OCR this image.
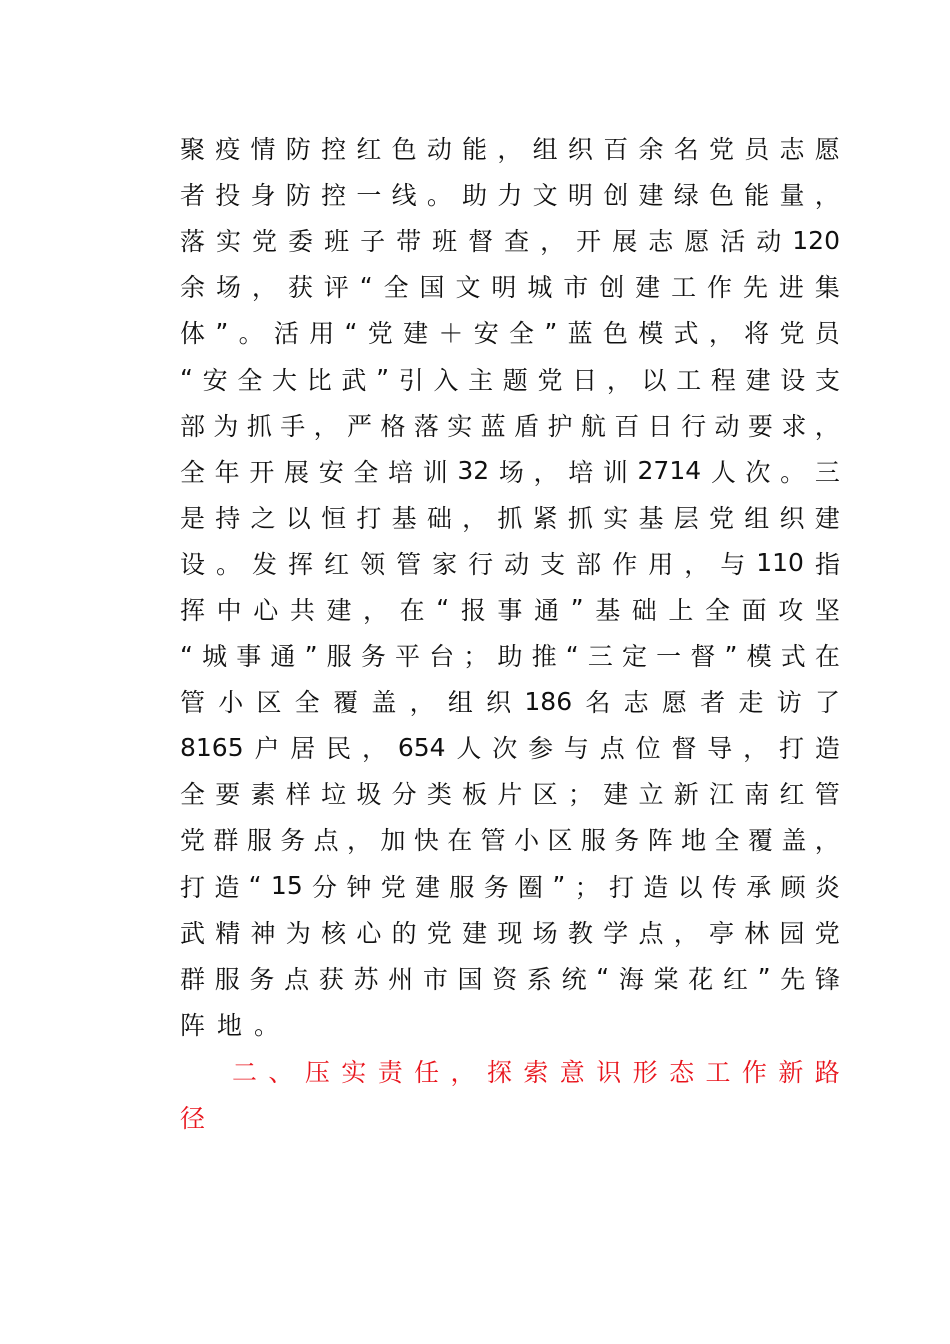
聚 疫 情 防 控 红 色 动 能 ， 组 织 百 余 名 党 员 志 愿
者 投 身 防 控 一 线 。 助 力 文 明 创 建 绿 色 能 量 ，
落 实 党 委 班 子 带 班 督 查 ， 开 展 志 愿 活 动 120
余 场 ， 获 评 “ 全 国 文 明 城 市 创 建 工 作 先 进 集
体 ” 。 活 用 “ 党 建 ＋ 安 全 ” 蓝 色 模 式 ， 将 党 员
“ 安 全 大 比 武 ” 引 入 主 题 党 日 ， 以 工 程 建 设 支
部 为 抓 手 ， 严 格 落 实 蓝 盾 护 航 百 日 行 动 要 求 ，
全 年 开 展 安 全 培 训 32 场 ， 培 训 2714 人 次 。 三
是 持 之 以 恒 打 基 础 ， 抓 紧 抓 实 基 层 党 组 织 建
设 。 发 挥 红 领 管 家 行 动 支 部 作 用 ， 与 110 指
挥 中 心 共 建 ， 在 “ 报 事 通 ” 基 础 上 全 面 攻 坚
“ 城 事 通 ” 服 务 平 台 ； 助 推 “ 三 定 一 督 ” 模 式 在
管 小 区 全 覆 盖 ， 组 织 186 名 志 愿 者 走 访 了
8165 户 居 民 ， 654 人 次 参 与 点 位 督 导 ， 打 造
全 要 素 样 垃 圾 分 类 板 片 区 ； 建 立 新 江 南 红 管
党 群 服 务 点 ， 加 快 在 管 小 区 服 务 阵 地 全 覆 盖 ，
打 造 “ 15 分 钟 党 建 服 务 圈 ” ； 打 造 以 传 承 顾 炎
武 精 神 为 核 心 的 党 建 现 场 教 学 点 ， 亭 林 园 党
群 服 务 点 获 苏 州 市 国 资 系 统 “ 海 棠 花 红 ” 先 锋
阵地。
二 、 压 实 责 任 ， 探 索 意 识 形 态 工 作 新 路
径
